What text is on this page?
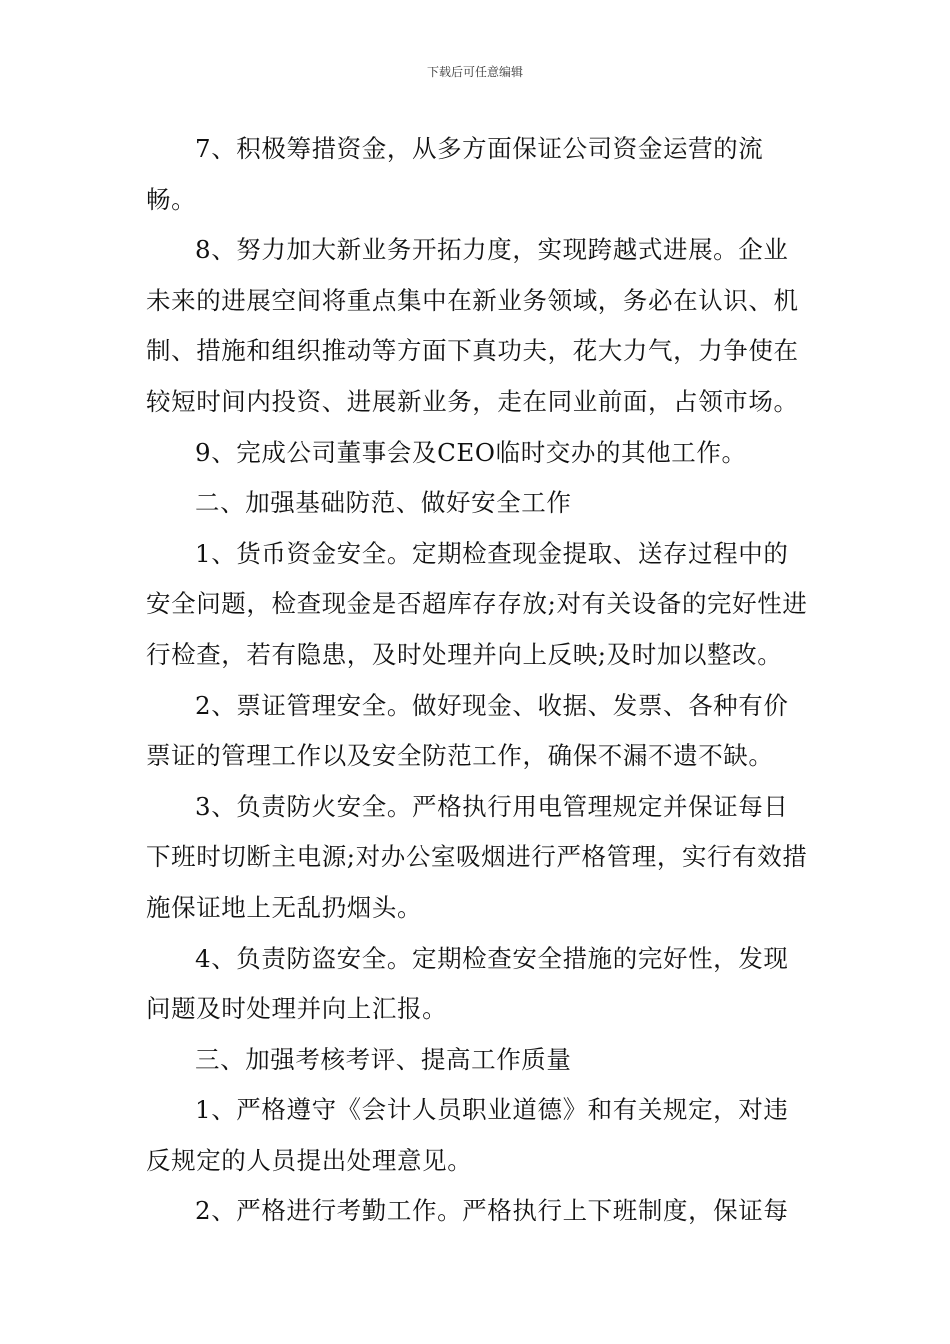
下载后可任意编辑

7、积极筹措资金，从多方面保证公司资金运营的流畅。

8、努力加大新业务开拓力度，实现跨越式进展。企业未来的进展空间将重点集中在新业务领域，务必在认识、机制、措施和组织推动等方面下真功夫，花大力气，力争使在较短时间内投资、进展新业务，走在同业前面，占领市场。

9、完成公司董事会及CEO临时交办的其他工作。

二、加强基础防范、做好安全工作

1、货币资金安全。定期检查现金提取、送存过程中的安全问题，检查现金是否超库存存放;对有关设备的完好性进行检查，若有隐患，及时处理并向上反映;及时加以整改。

2、票证管理安全。做好现金、收据、发票、各种有价票证的管理工作以及安全防范工作，确保不漏不遗不缺。

3、负责防火安全。严格执行用电管理规定并保证每日下班时切断主电源;对办公室吸烟进行严格管理，实行有效措施保证地上无乱扔烟头。

4、负责防盗安全。定期检查安全措施的完好性，发现问题及时处理并向上汇报。

三、加强考核考评、提高工作质量

1、严格遵守《会计人员职业道德》和有关规定，对违反规定的人员提出处理意见。

2、严格进行考勤工作。严格执行上下班制度，保证每
